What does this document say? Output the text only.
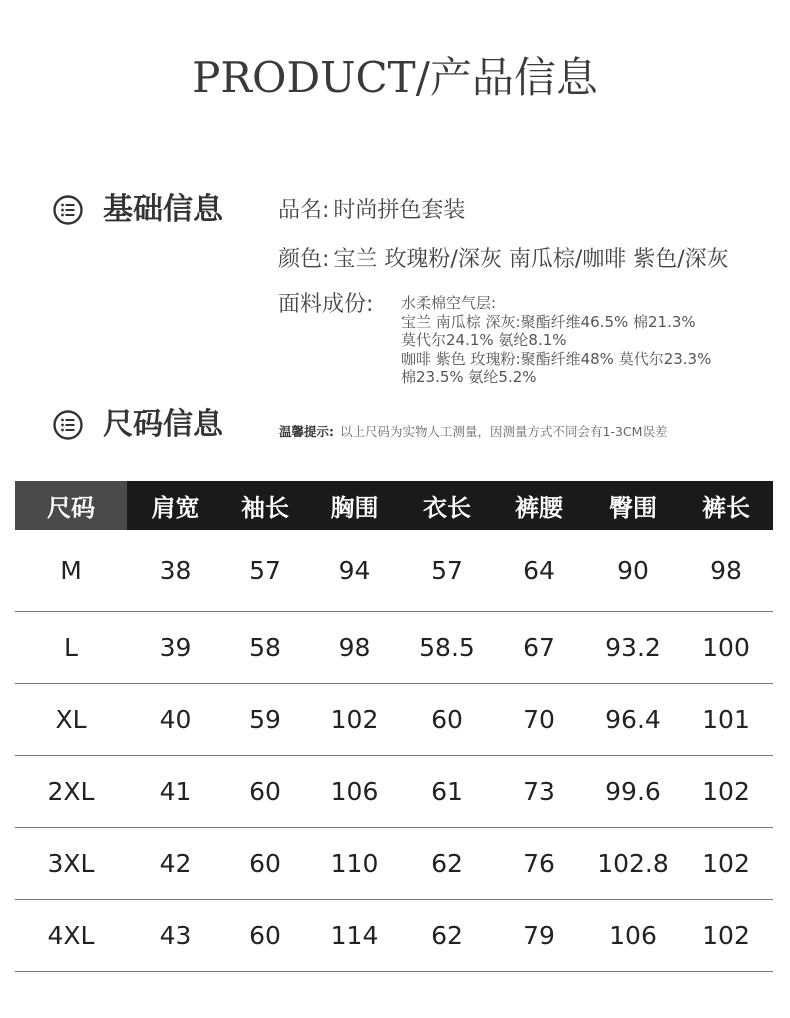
PRODUCT/产品信息
基础信息	品名: 时尚拼色套装
颜色: 宝兰 玫瑰粉/深灰 南瓜棕/咖啡 紫色/深灰
面料成份: 水柔棉空气层:
宝兰 南瓜棕 深灰:聚酯纤维46.5% 棉21.3%
莫代尔24.1% 氨纶8.1%
咖啡 紫色 玫瑰粉:聚酯纤维48% 莫代尔23.3%
棉23.5% 氨纶5.2%
尺码信息	温馨提示: 以上尺码为实物人工测量，因测量方式不同会有1-3CM误差
尺码	肩宽	袖长	胸围	衣长	裤腰	臀围	裤长
M	38	57	94	57	64	90	98
L	39	58	98	58.5	67	93.2	100
XL	40	59	102	60	70	96.4	101
2XL	41	60	106	61	73	99.6	102
3XL	42	60	110	62	76	102.8	102
4XL	43	60	114	62	79	106	102
